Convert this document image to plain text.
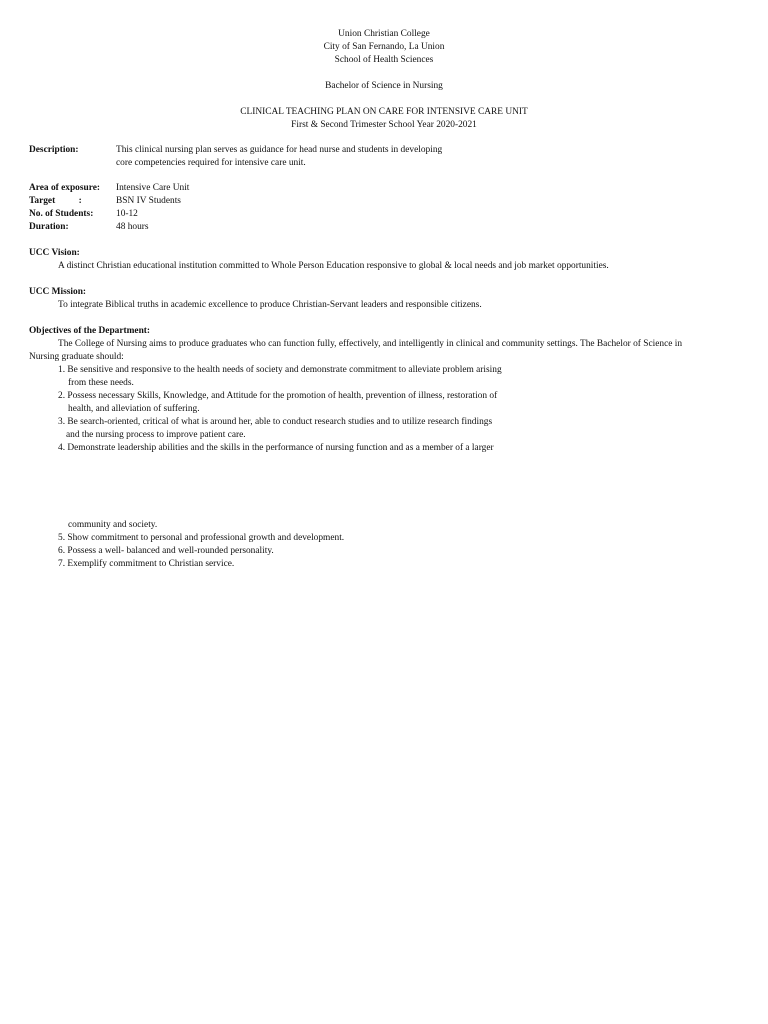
Union Christian College
City of San Fernando, La Union
School of Health Sciences
Bachelor of Science in Nursing
CLINICAL TEACHING PLAN ON CARE FOR INTENSIVE CARE UNIT
First & Second Trimester School Year 2020-2021
Description:	This clinical nursing plan serves as guidance for head nurse and students in developing
core competencies required for intensive care unit.
Area of exposure: Intensive Care Unit
Target          :	BSN IV Students
No. of Students: 10-12
Duration:	48 hours
UCC Vision:
A distinct Christian educational institution committed to Whole Person Education responsive to global & local needs and job market opportunities.
UCC Mission:
To integrate Biblical truths in academic excellence to produce Christian-Servant leaders and responsible citizens.
Objectives of the Department:
The College of Nursing aims to produce graduates who can function fully, effectively, and intelligently in clinical and community settings. The Bachelor of Science in
Nursing graduate should:
1. Be sensitive and responsive to the health needs of society and demonstrate commitment to alleviate problem arising
from these needs.
2. Possess necessary Skills, Knowledge, and Attitude for the promotion of health, prevention of illness, restoration of
health, and alleviation of suffering.
3. Be search-oriented, critical of what is around her, able to conduct research studies and to utilize research findings
and the nursing process to improve patient care.
4. Demonstrate leadership abilities and the skills in the performance of nursing function and as a member of a larger
community and society.
5. Show commitment to personal and professional growth and development.
6. Possess a well- balanced and well-rounded personality.
7. Exemplify commitment to Christian service.
